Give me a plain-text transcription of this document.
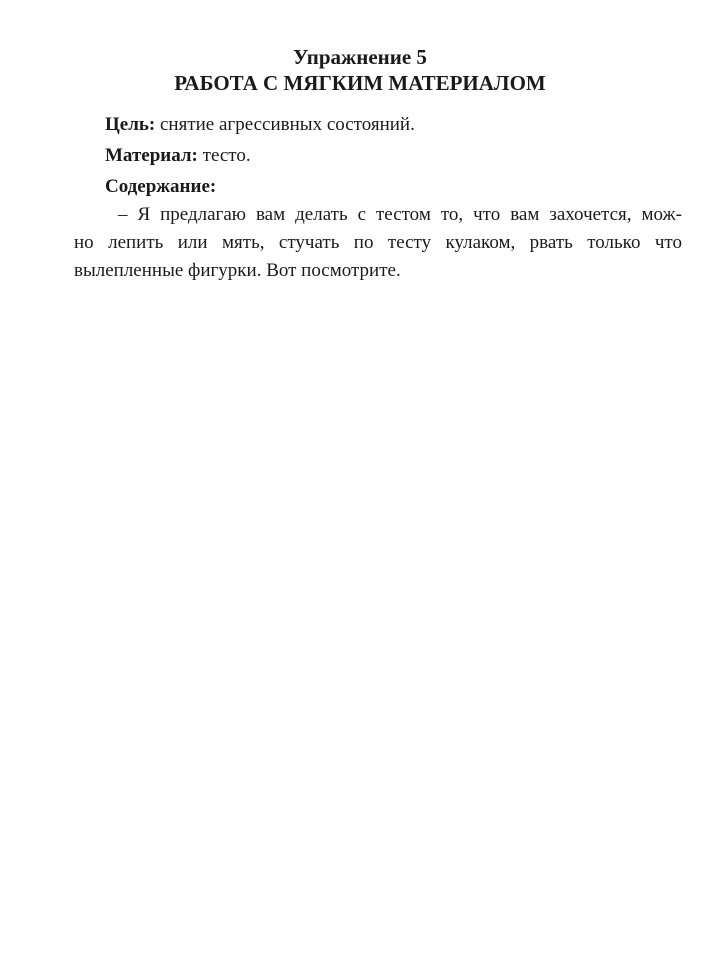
Упражнение 5
РАБОТА С МЯГКИМ МАТЕРИАЛОМ
Цель: снятие агрессивных состояний.
Материал: тесто.
Содержание:
– Я предлагаю вам делать с тестом то, что вам захочется, мож-
но лепить или мять, стучать по тесту кулаком, рвать только что
вылепленные фигурки. Вот посмотрите.
